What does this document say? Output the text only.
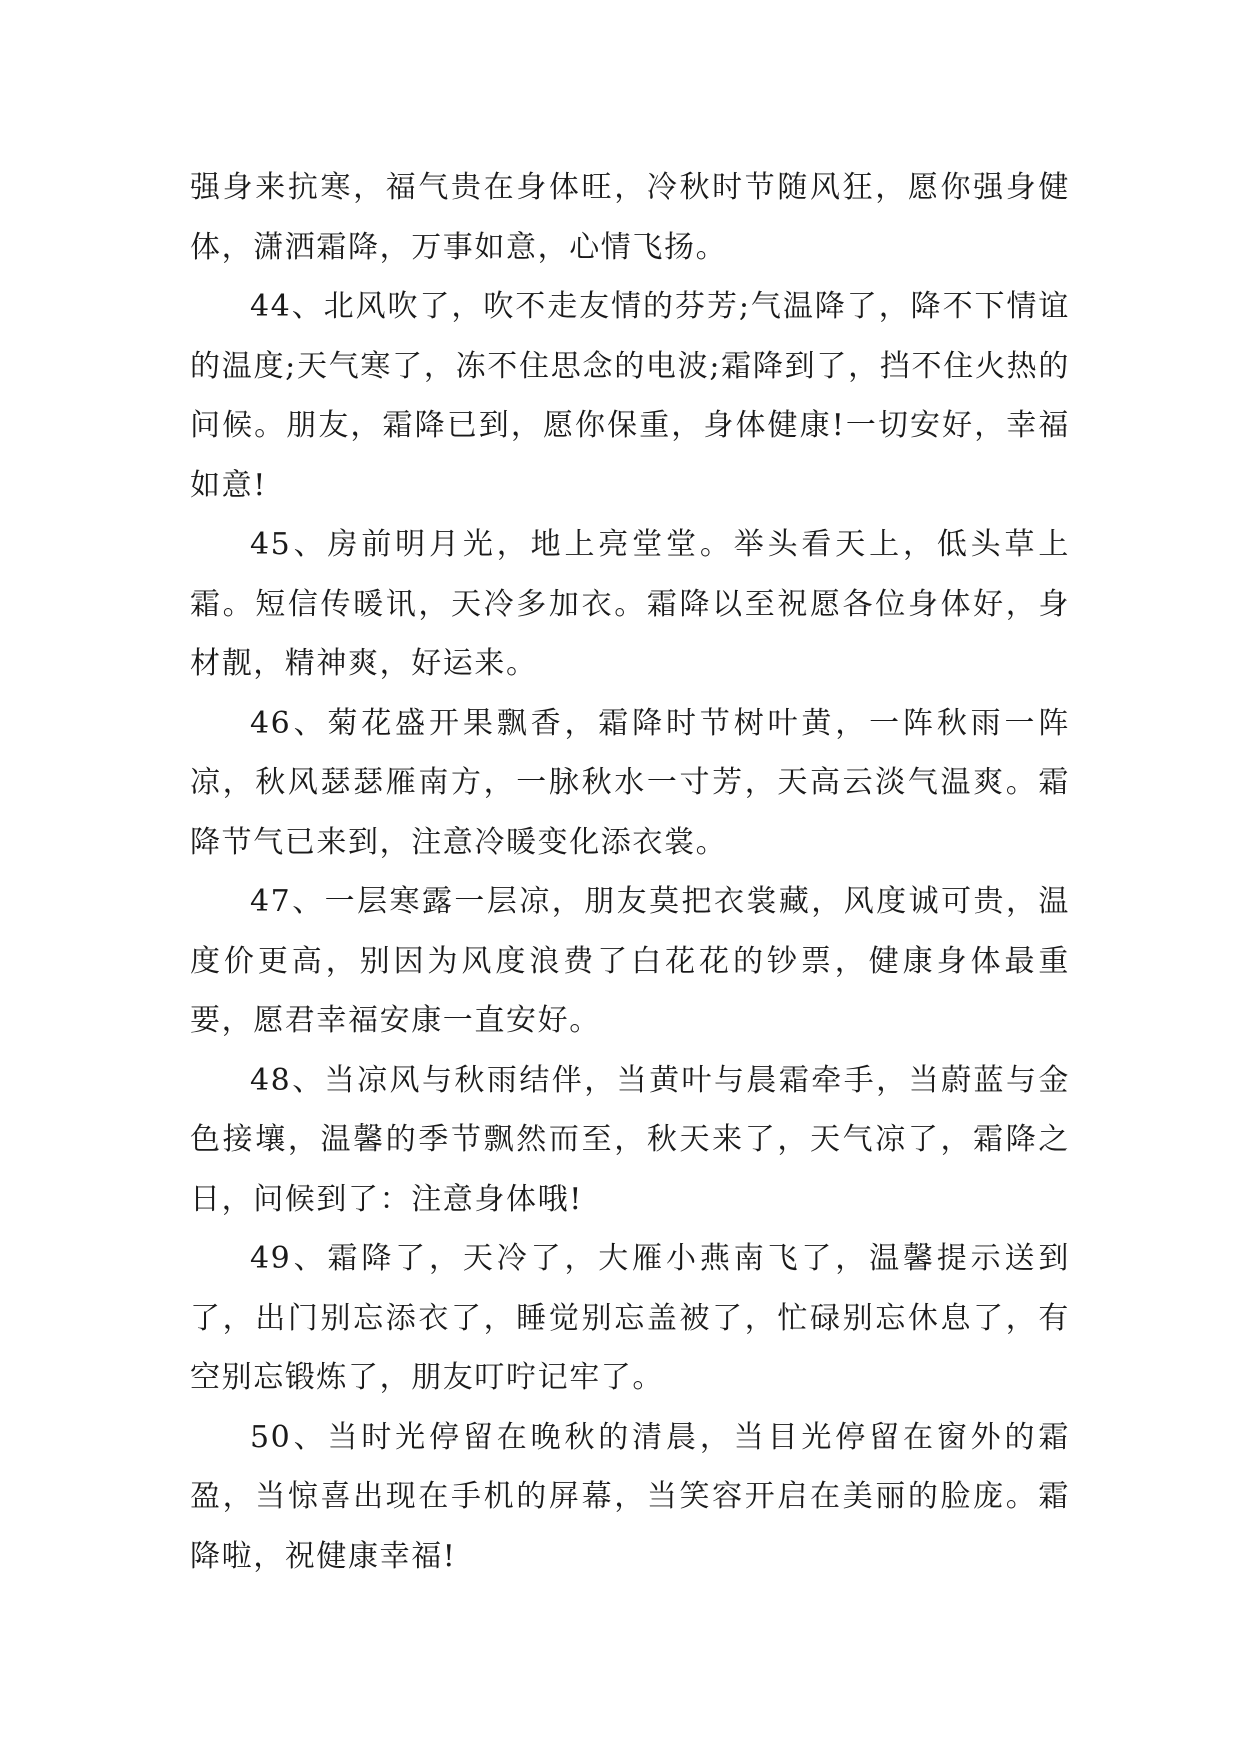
强身来抗寒，福气贵在身体旺，冷秋时节随风狂，愿你强身健体，潇洒霜降，万事如意，心情飞扬。

44、北风吹了，吹不走友情的芬芳;气温降了，降不下情谊的温度;天气寒了，冻不住思念的电波;霜降到了，挡不住火热的问候。朋友，霜降已到，愿你保重，身体健康!一切安好，幸福如意!

45、房前明月光，地上亮堂堂。举头看天上，低头草上霜。短信传暖讯，天冷多加衣。霜降以至祝愿各位身体好，身材靓，精神爽，好运来。

46、菊花盛开果飘香，霜降时节树叶黄，一阵秋雨一阵凉，秋风瑟瑟雁南方，一脉秋水一寸芳，天高云淡气温爽。霜降节气已来到，注意冷暖变化添衣裳。

47、一层寒露一层凉，朋友莫把衣裳藏，风度诚可贵，温度价更高，别因为风度浪费了白花花的钞票，健康身体最重要，愿君幸福安康一直安好。

48、当凉风与秋雨结伴，当黄叶与晨霜牵手，当蔚蓝与金色接壤，温馨的季节飘然而至，秋天来了，天气凉了，霜降之日，问候到了：注意身体哦!

49、霜降了，天冷了，大雁小燕南飞了，温馨提示送到了，出门别忘添衣了，睡觉别忘盖被了，忙碌别忘休息了，有空别忘锻炼了，朋友叮咛记牢了。

50、当时光停留在晚秋的清晨，当目光停留在窗外的霜盈，当惊喜出现在手机的屏幕，当笑容开启在美丽的脸庞。霜降啦，祝健康幸福!
